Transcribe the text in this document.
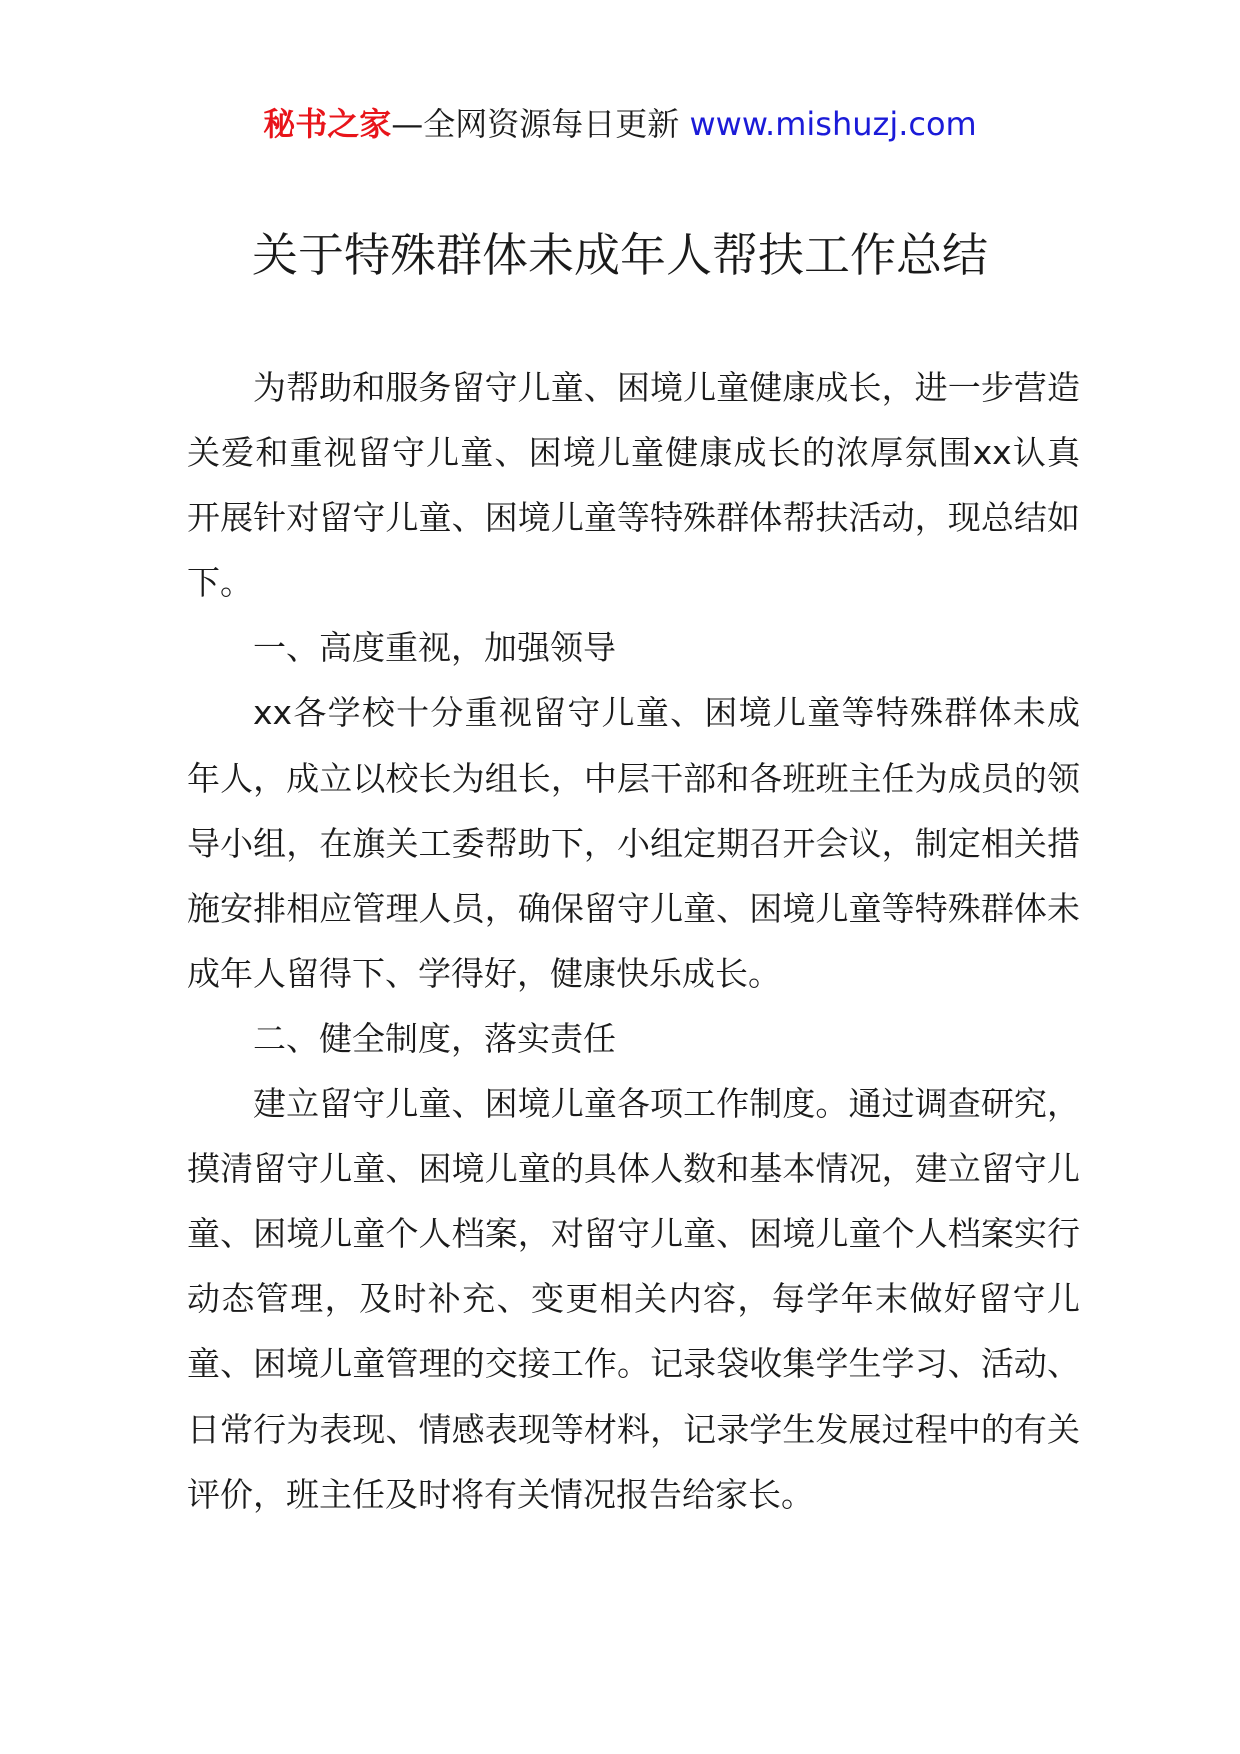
秘书之家—全网资源每日更新 www.mishuzj.com
关于特殊群体未成年人帮扶工作总结

为帮助和服务留守儿童、困境儿童健康成长，进一步营造关爱和重视留守儿童、困境儿童健康成长的浓厚氛围xx认真开展针对留守儿童、困境儿童等特殊群体帮扶活动，现总结如下。

一、高度重视，加强领导

xx各学校十分重视留守儿童、困境儿童等特殊群体未成年人，成立以校长为组长，中层干部和各班班主任为成员的领导小组，在旗关工委帮助下，小组定期召开会议，制定相关措施安排相应管理人员，确保留守儿童、困境儿童等特殊群体未成年人留得下、学得好，健康快乐成长。

二、健全制度，落实责任

建立留守儿童、困境儿童各项工作制度。通过调查研究，摸清留守儿童、困境儿童的具体人数和基本情况，建立留守儿童、困境儿童个人档案，对留守儿童、困境儿童个人档案实行动态管理，及时补充、变更相关内容，每学年末做好留守儿童、困境儿童管理的交接工作。记录袋收集学生学习、活动、日常行为表现、情感表现等材料，记录学生发展过程中的有关评价，班主任及时将有关情况报告给家长。
